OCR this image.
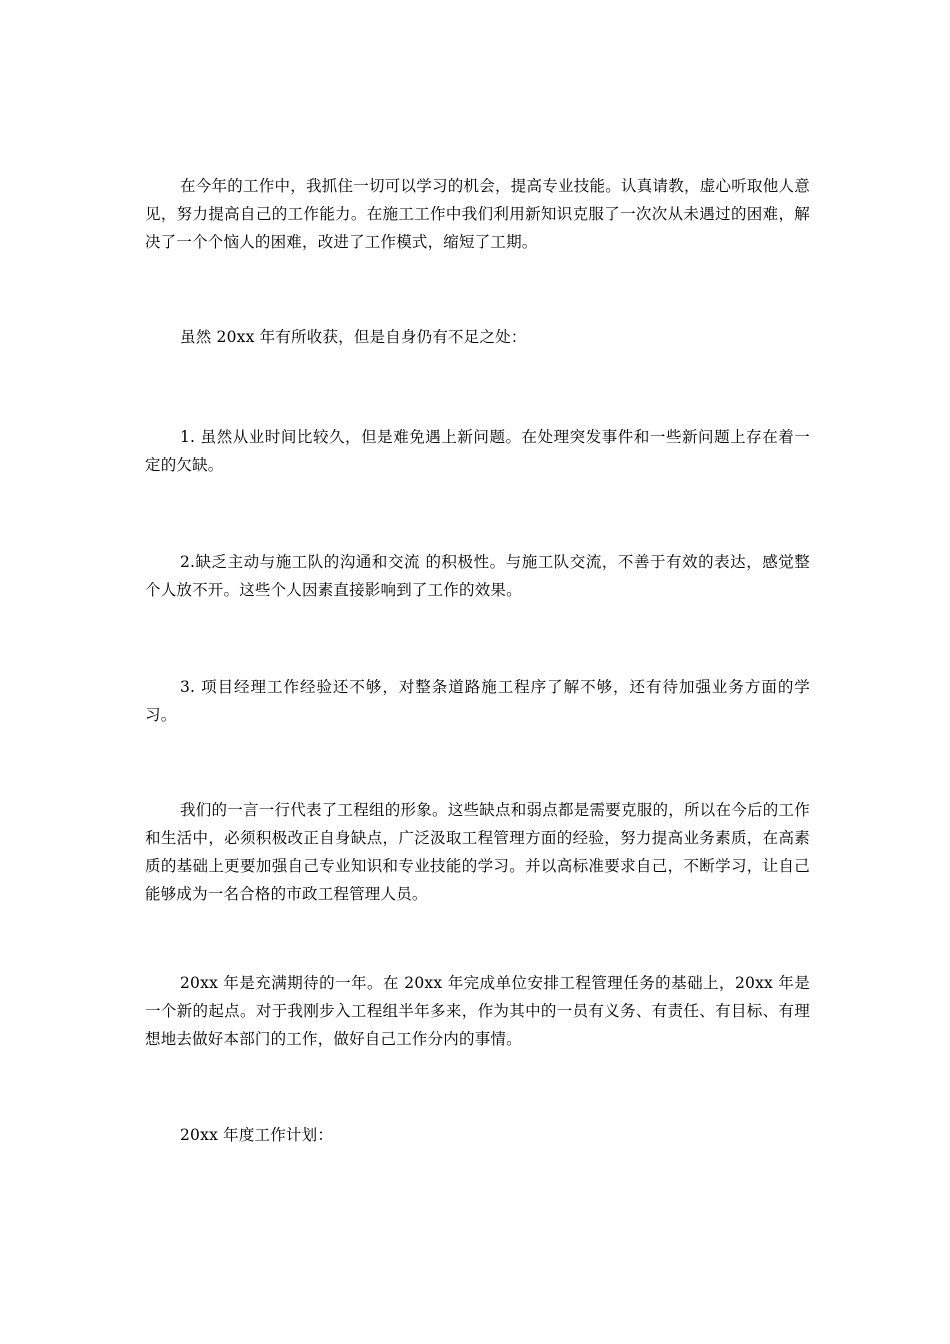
在今年的工作中，我抓住一切可以学习的机会，提高专业技能。认真请教，虚心听取他人意见，努力提高自己的工作能力。在施工工作中我们利用新知识克服了一次次从未遇过的困难，解决了一个个恼人的困难，改进了工作模式，缩短了工期。

虽然 20xx 年有所收获，但是自身仍有不足之处：

1. 虽然从业时间比较久，但是难免遇上新问题。在处理突发事件和一些新问题上存在着一定的欠缺。

2.缺乏主动与施工队的沟通和交流 的积极性。与施工队交流，不善于有效的表达，感觉整个人放不开。这些个人因素直接影响到了工作的效果。

3. 项目经理工作经验还不够，对整条道路施工程序了解不够，还有待加强业务方面的学习。

我们的一言一行代表了工程组的形象。这些缺点和弱点都是需要克服的，所以在今后的工作和生活中，必须积极改正自身缺点，广泛汲取工程管理方面的经验，努力提高业务素质，在高素质的基础上更要加强自己专业知识和专业技能的学习。并以高标准要求自己，不断学习，让自己能够成为一名合格的市政工程管理人员。

20xx 年是充满期待的一年。在 20xx 年完成单位安排工程管理任务的基础上，20xx 年是一个新的起点。对于我刚步入工程组半年多来，作为其中的一员有义务、有责任、有目标、有理想地去做好本部门的工作，做好自己工作分内的事情。

20xx 年度工作计划：
